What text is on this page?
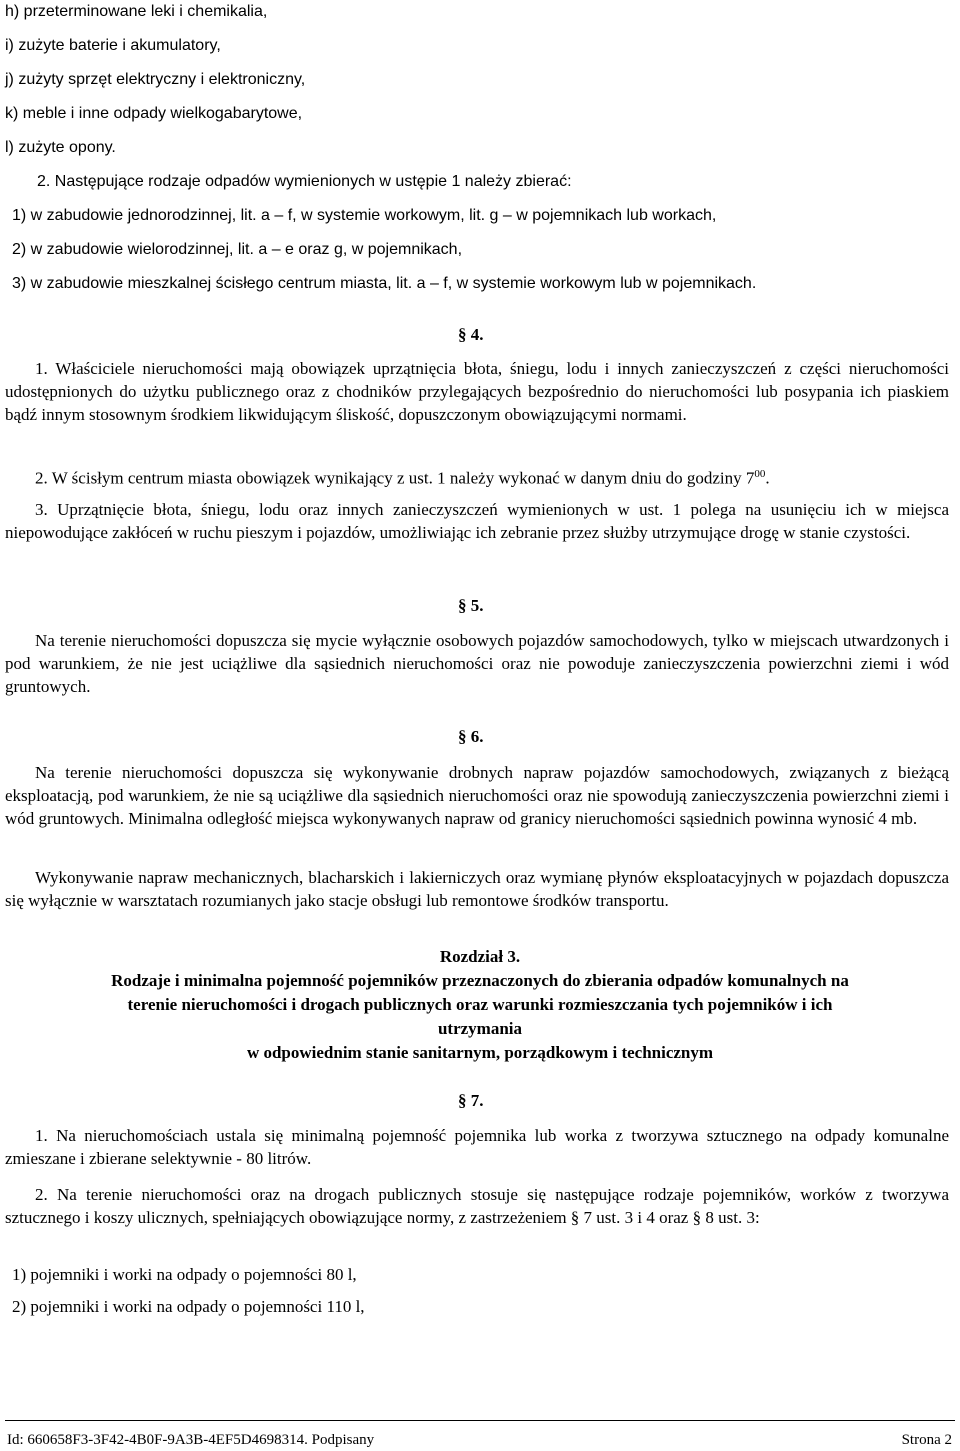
h) przeterminowane leki i chemikalia,
i) zużyte baterie i akumulatory,
j) zużyty sprzęt elektryczny i elektroniczny,
k) meble i inne odpady wielkogabarytowe,
l) zużyte opony.
2. Następujące rodzaje odpadów wymienionych w ustępie 1 należy zbierać:
1) w zabudowie jednorodzinnej, lit. a – f, w systemie workowym, lit. g – w pojemnikach lub workach,
2) w zabudowie wielorodzinnej, lit. a – e oraz g, w pojemnikach,
3) w zabudowie mieszkalnej ścisłego centrum miasta, lit. a – f, w systemie workowym lub w pojemnikach.
§ 4.
1. Właściciele nieruchomości mają obowiązek uprzątnięcia błota, śniegu, lodu i innych zanieczyszczeń z części nieruchomości udostępnionych do użytku publicznego oraz z chodników przylegających bezpośrednio do nieruchomości lub posypania ich piaskiem bądź innym stosownym środkiem likwidującym śliskość, dopuszczonym obowiązującymi normami.
2. W ścisłym centrum miasta obowiązek wynikający z ust. 1 należy wykonać w danym dniu do godziny $7^{00}$.
3. Uprzątnięcie błota, śniegu, lodu oraz innych zanieczyszczeń wymienionych w ust. 1 polega na usunięciu ich w miejsca niepowodujące zakłóceń w ruchu pieszym i pojazdów, umożliwiając ich zebranie przez służby utrzymujące drogę w stanie czystości.
§ 5.
Na terenie nieruchomości dopuszcza się mycie wyłącznie osobowych pojazdów samochodowych, tylko w miejscach utwardzonych i pod warunkiem, że nie jest uciążliwe dla sąsiednich nieruchomości oraz nie powoduje zanieczyszczenia powierzchni ziemi i wód gruntowych.
§ 6.
Na terenie nieruchomości dopuszcza się wykonywanie drobnych napraw pojazdów samochodowych, związanych z bieżącą eksploatacją, pod warunkiem, że nie są uciążliwe dla sąsiednich nieruchomości oraz nie spowodują zanieczyszczenia powierzchni ziemi i wód gruntowych. Minimalna odległość miejsca wykonywanych napraw od granicy nieruchomości sąsiednich powinna wynosić 4 mb.
Wykonywanie napraw mechanicznych, blacharskich i lakierniczych oraz wymianę płynów eksploatacyjnych w pojazdach dopuszcza się wyłącznie w warsztatach rozumianych jako stacje obsługi lub remontowe środków transportu.
Rozdział 3.
Rodzaje i minimalna pojemność pojemników przeznaczonych do zbierania odpadów komunalnych na
terenie nieruchomości i drogach publicznych oraz warunki rozmieszczania tych pojemników i ich
utrzymania
w odpowiednim stanie sanitarnym, porządkowym i technicznym
§ 7.
1. Na nieruchomościach ustala się minimalną pojemność pojemnika lub worka z tworzywa sztucznego na odpady komunalne zmieszane i zbierane selektywnie - 80 litrów.
2. Na terenie nieruchomości oraz na drogach publicznych stosuje się następujące rodzaje pojemników, worków z tworzywa sztucznego i koszy ulicznych, spełniających obowiązujące normy, z zastrzeżeniem § 7 ust. 3 i 4 oraz § 8 ust. 3:
1) pojemniki i worki na odpady o pojemności 80 l,
2) pojemniki i worki na odpady o pojemności 110 l,
Id: 660658F3-3F42-4B0F-9A3B-4EF5D4698314. Podpisany	Strona 2
